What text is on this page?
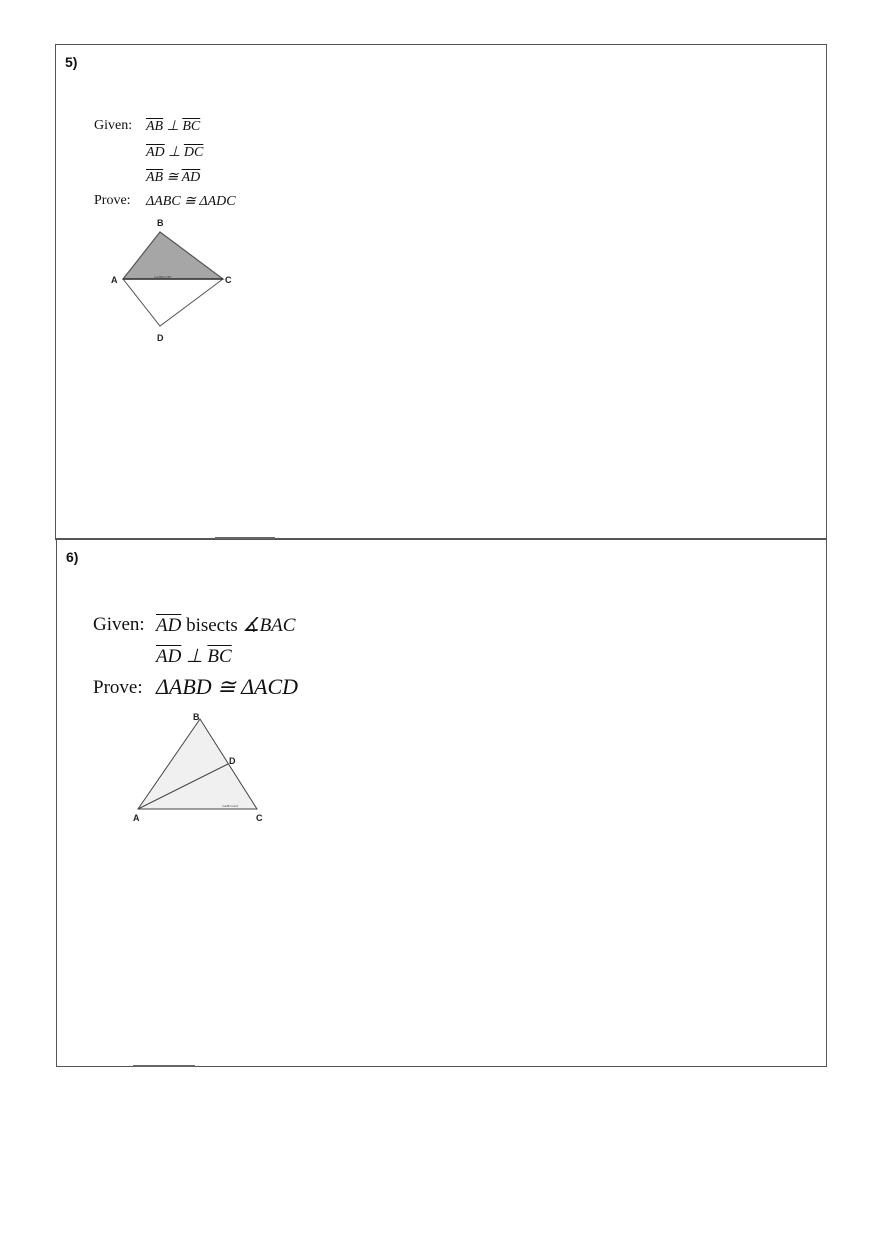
5)
Given: $\overline{AB}$ ⊥ $\overline{BC}$
$\overline{AD}$ ⊥ $\overline{DC}$
$\overline{AB}$ ≅ $\overline{AD}$
Prove: ΔABC ≅ ΔADC
m∠BAC=45°
B
A	C
D
6)
Given: $\overline{AD}$ bisects ∡BAC
$\overline{AD}$ ⊥ $\overline{BC}$
Prove: ΔABD ≅ ΔACD
m∠B=m∠C
B
D
A	C
